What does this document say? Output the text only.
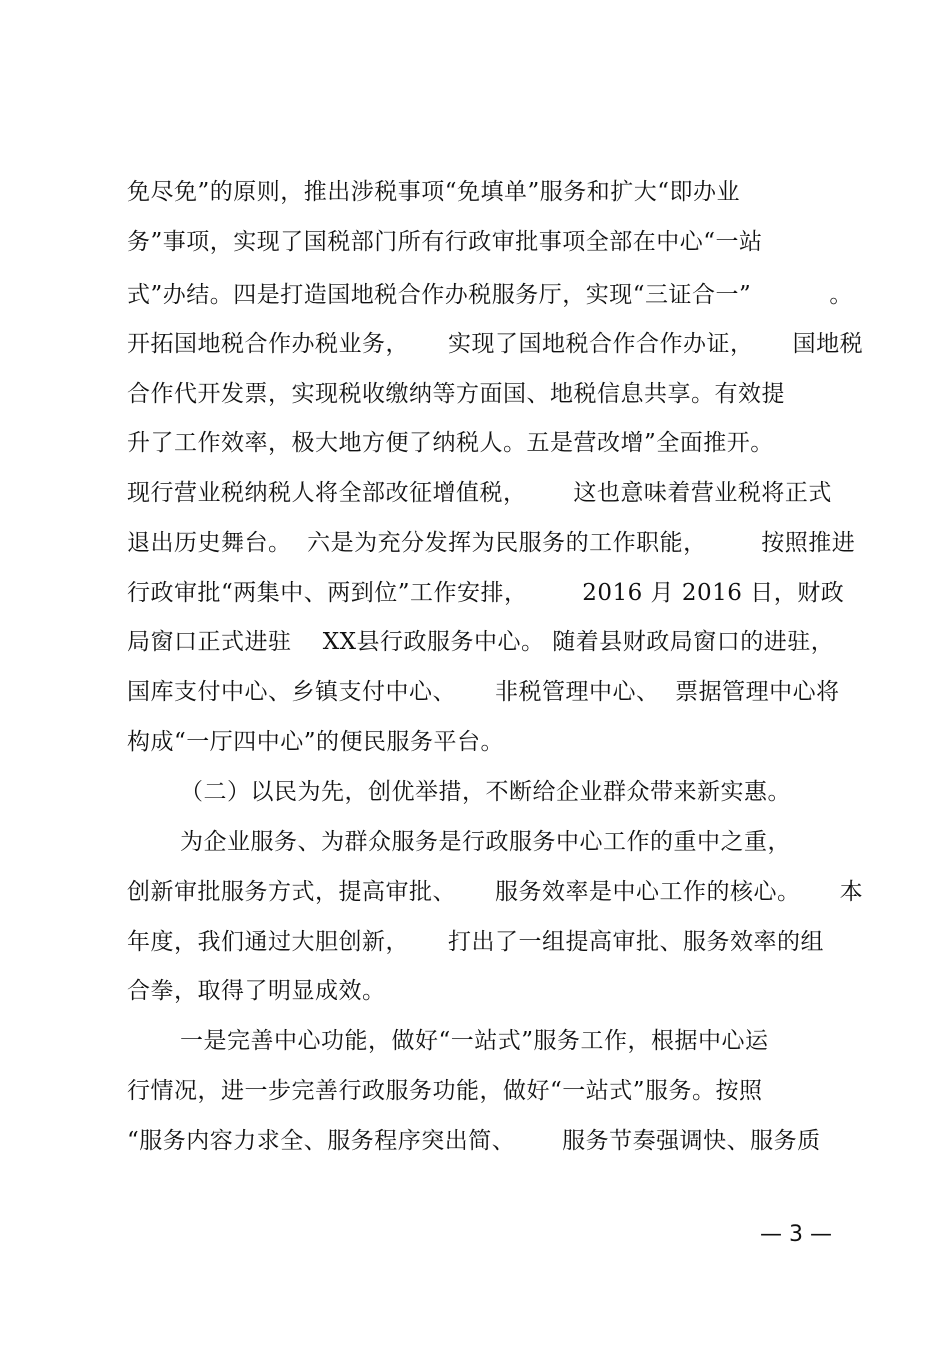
免尽免”的原则，推出涉税事项“免填单”服务和扩大“即办业
务”事项，实现了国税部门所有行政审批事项全部在中心“一站
式”办结。四是打造国地税合作办税服务厅，实现“三证合一”          。
开拓国地税合作办税业务，     实现了国地税合作合作办证，     国地税
合作代开发票，实现税收缴纳等方面国、地税信息共享。有效提
升了工作效率，极大地方便了纳税人。五是营改增”全面推开。
现行营业税纳税人将全部改征增值税，      这也意味着营业税将正式
退出历史舞台。  六是为充分发挥为民服务的工作职能，       按照推进
行政审批“两集中、两到位”工作安排，       2016 月 2016 日，财政
局窗口正式进驻    XX县行政服务中心。 随着县财政局窗口的进驻，
国库支付中心、乡镇支付中心、     非税管理中心、  票据管理中心将
构成“一厅四中心”的便民服务平台。
（二）以民为先，创优举措，不断给企业群众带来新实惠。
为企业服务、为群众服务是行政服务中心工作的重中之重，
创新审批服务方式，提高审批、     服务效率是中心工作的核心。     本
年度，我们通过大胆创新，     打出了一组提高审批、服务效率的组
合拳，取得了明显成效。
一是完善中心功能，做好“一站式”服务工作，根据中心运
行情况，进一步完善行政服务功能，做好“一站式”服务。按照
“服务内容力求全、服务程序突出简、      服务节奏强调快、服务质
— 3 —
